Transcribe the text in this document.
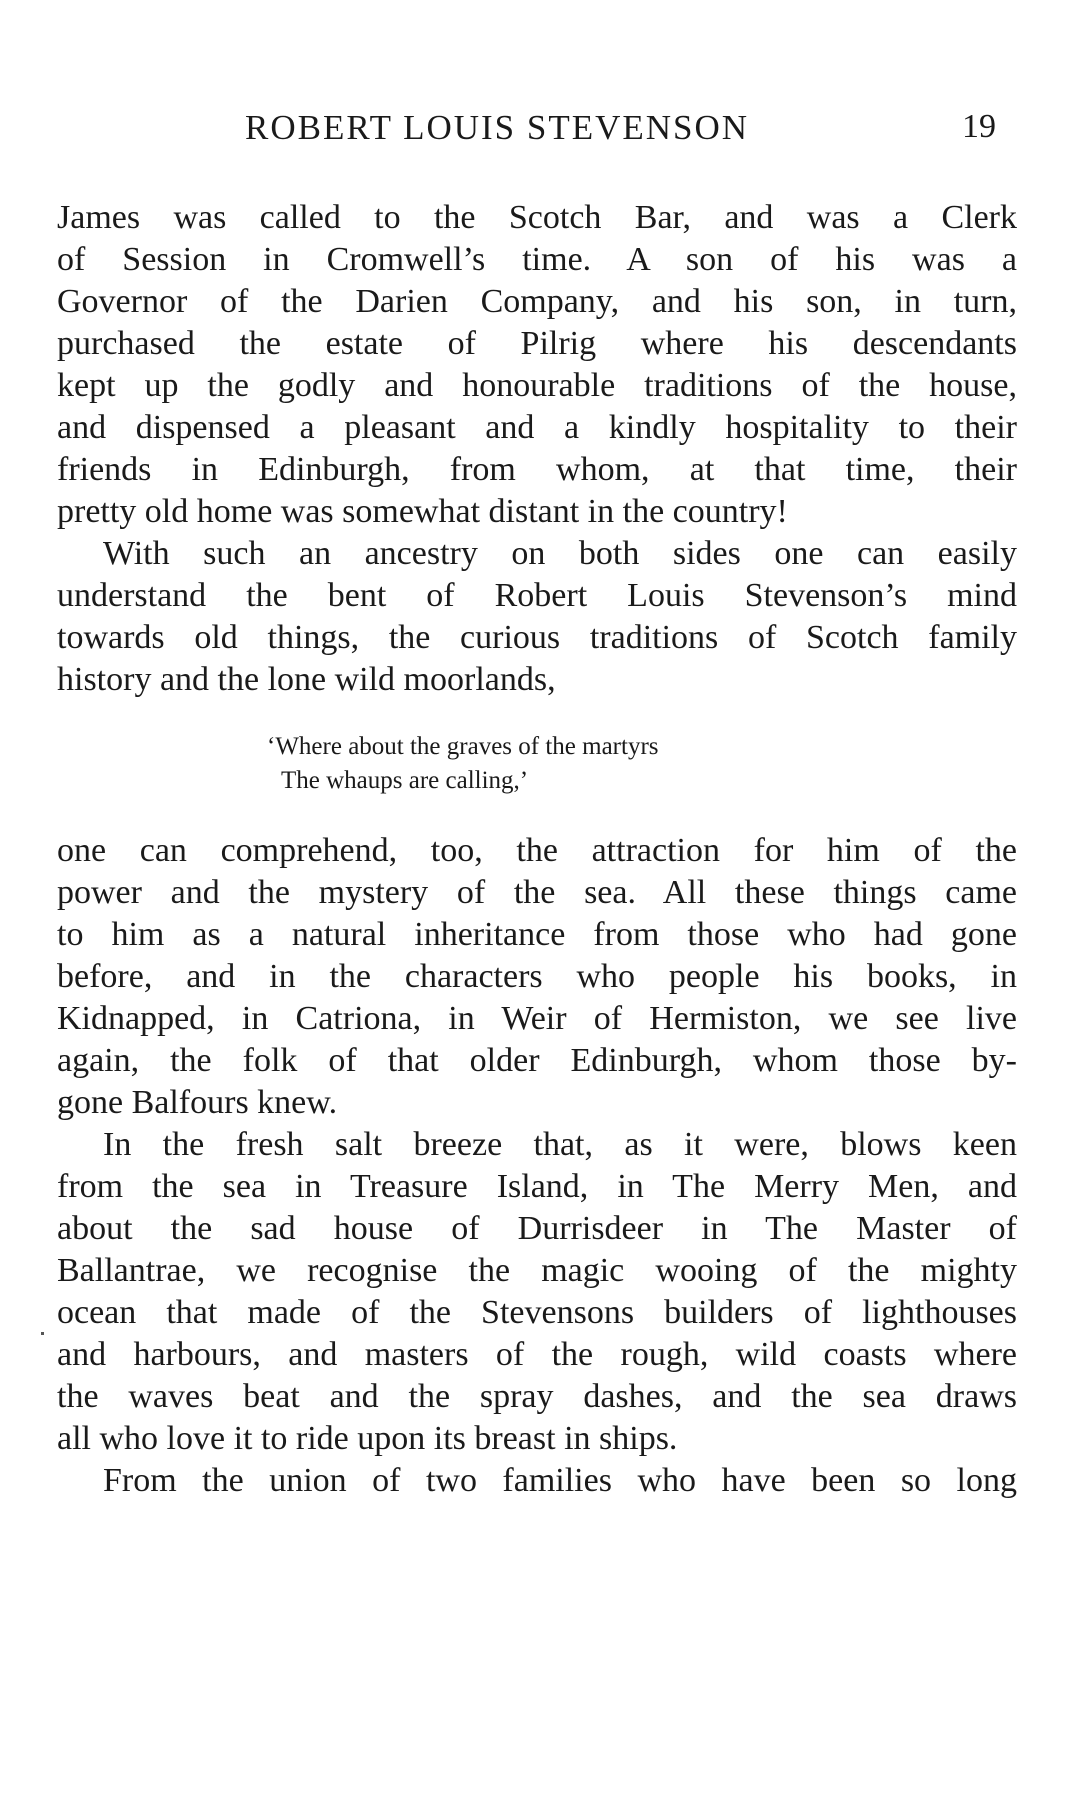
ROBERT LOUIS STEVENSON	19
James was called to the Scotch Bar, and was a Clerk
of Session in Cromwell’s time. A son of his was a
Governor of the Darien Company, and his son, in turn,
purchased the estate of Pilrig where his descendants
kept up the godly and honourable traditions of the house,
and dispensed a pleasant and a kindly hospitality to their
friends in Edinburgh, from whom, at that time, their
pretty old home was somewhat distant in the country!
With such an ancestry on both sides one can easily
understand the bent of Robert Louis Stevenson’s mind
towards old things, the curious traditions of Scotch family
history and the lone wild moorlands,
‘Where about the graves of the martyrs
The whaups are calling,’
one can comprehend, too, the attraction for him of the
power and the mystery of the sea. All these things came
to him as a natural inheritance from those who had gone
before, and in the characters who people his books, in
Kidnapped, in Catriona, in Weir of Hermiston, we see live
again, the folk of that older Edinburgh, whom those by-
gone Balfours knew.
In the fresh salt breeze that, as it were, blows keen
from the sea in Treasure Island, in The Merry Men, and
about the sad house of Durrisdeer in The Master of
Ballantrae, we recognise the magic wooing of the mighty
ocean that made of the Stevensons builders of lighthouses
and harbours, and masters of the rough, wild coasts where
the waves beat and the spray dashes, and the sea draws
all who love it to ride upon its breast in ships.
From the union of two families who have been so long
